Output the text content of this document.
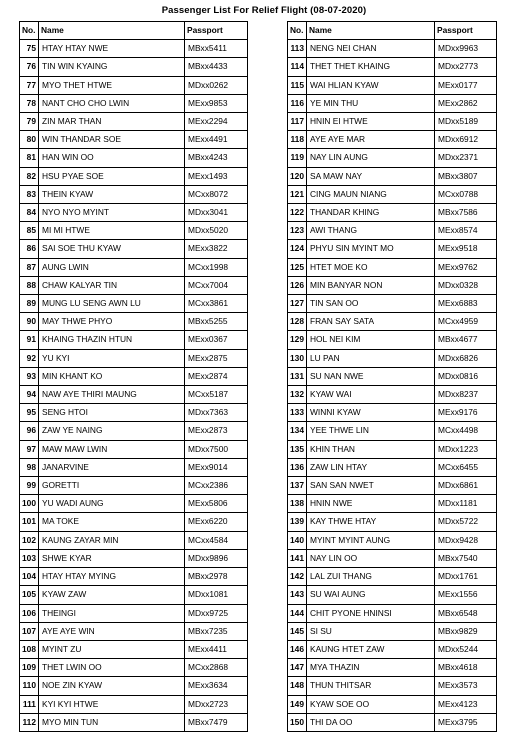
Passenger List For Relief Flight (08-07-2020)
No.	Name	Passport
75	HTAY HTAY NWE	MBxx5411
76	TIN WIN KYAING	MBxx4433
77	MYO THET HTWE	MDxx0262
78	NANT CHO CHO LWIN	MExx9853
79	ZIN MAR THAN	MExx2294
80	WIN THANDAR SOE	MExx4491
81	HAN WIN OO	MBxx4243
82	HSU PYAE SOE	MExx1493
83	THEIN KYAW	MCxx8072
84	NYO NYO MYINT	MDxx3041
85	MI MI HTWE	MDxx5020
86	SAI SOE THU KYAW	MExx3822
87	AUNG LWIN	MCxx1998
88	CHAW KALYAR TIN	MCxx7004
89	MUNG LU SENG AWN LU	MCxx3861
90	MAY THWE PHYO	MBxx5255
91	KHAING THAZIN HTUN	MExx0367
92	YU KYI	MExx2875
93	MIN KHANT KO	MExx2874
94	NAW AYE THIRI MAUNG	MCxx5187
95	SENG HTOI	MDxx7363
96	ZAW YE NAING	MExx2873
97	MAW MAW LWIN	MDxx7500
98	JANARVINE	MExx9014
99	GORETTI	MCxx2386
100	YU WADI AUNG	MExx5806
101	MA TOKE	MExx6220
102	KAUNG ZAYAR MIN	MCxx4584
103	SHWE KYAR	MDxx9896
104	HTAY HTAY MYING	MBxx2978
105	KYAW ZAW	MDxx1081
106	THEINGI	MDxx9725
107	AYE AYE WIN	MBxx7235
108	MYINT ZU	MExx4411
109	THET LWIN OO	MCxx2868
110	NOE ZIN KYAW	MExx3634
111	KYI KYI HTWE	MDxx2723
112	MYO MIN TUN	MBxx7479
No.	Name	Passport
113	NENG NEI CHAN	MDxx9963
114	THET THET KHAING	MDxx2773
115	WAI HLIAN KYAW	MExx0177
116	YE MIN THU	MExx2862
117	HNIN EI HTWE	MDxx5189
118	AYE AYE MAR	MDxx6912
119	NAY LIN AUNG	MDxx2371
120	SA MAW NAY	MBxx3807
121	CING MAUN NIANG	MCxx0788
122	THANDAR KHING	MBxx7586
123	AWI THANG	MExx8574
124	PHYU SIN MYINT MO	MExx9518
125	HTET MOE KO	MExx9762
126	MIN BANYAR NON	MDxx0328
127	TIN SAN OO	MExx6883
128	FRAN SAY SATA	MCxx4959
129	HOL NEI KIM	MBxx4677
130	LU PAN	MDxx6826
131	SU NAN NWE	MDxx0816
132	KYAW WAI	MDxx8237
133	WINNI KYAW	MExx9176
134	YEE THWE LIN	MCxx4498
135	KHIN THAN	MDxx1223
136	ZAW LIN HTAY	MCxx6455
137	SAN SAN NWET	MDxx6861
138	HNIN NWE	MDxx1181
139	KAY THWE HTAY	MDxx5722
140	MYINT MYINT AUNG	MDxx9428
141	NAY LIN OO	MBxx7540
142	LAL ZUI THANG	MDxx1761
143	SU WAI AUNG	MExx1556
144	CHIT PYONE HNINSI	MBxx6548
145	SI SU	MBxx9829
146	KAUNG HTET ZAW	MDxx5244
147	MYA THAZIN	MBxx4618
148	THUN THITSAR	MExx3573
149	KYAW SOE OO	MExx4123
150	THI DA OO	MExx3795
